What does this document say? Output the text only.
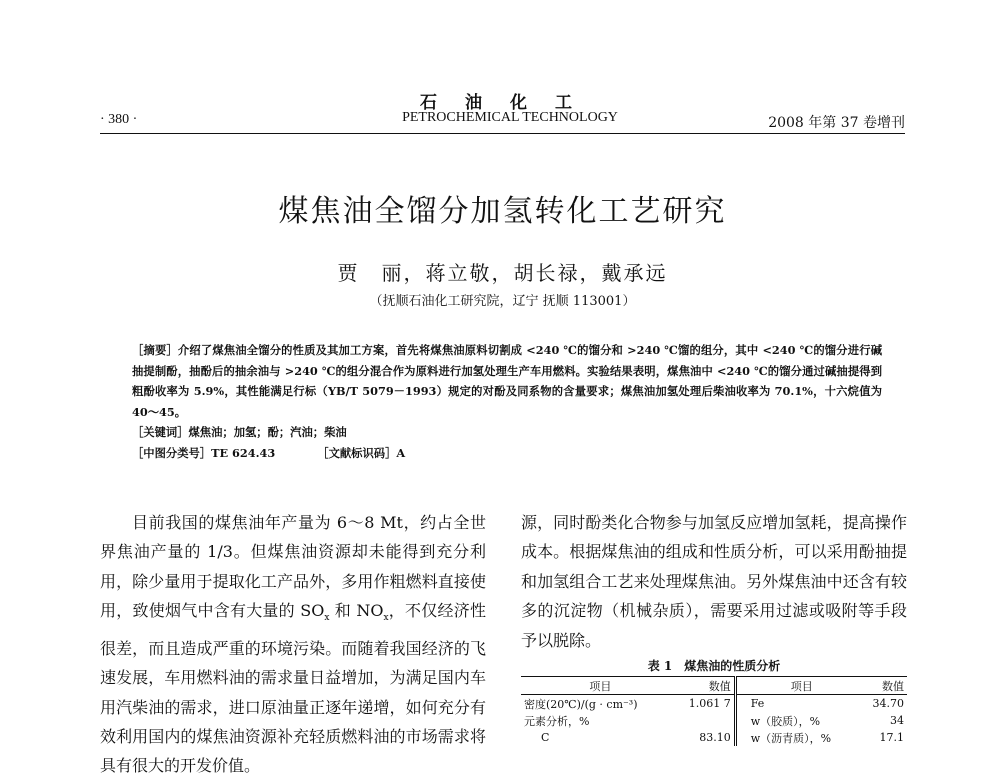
石油化工
· 380 ·	PETROCHEMICAL TECHNOLOGY	2008 年第 37 卷增刊
煤焦油全馏分加氢转化工艺研究
贾　丽，蒋立敬，胡长禄，戴承远
（抚顺石油化工研究院，辽宁 抚顺 113001）

［摘要］介绍了煤焦油全馏分的性质及其加工方案，首先将煤焦油原料切割成 <240 ℃的馏分和 >240 ℃馏的组分，其中 <240 ℃的馏分进行碱抽提制酚，抽酚后的抽余油与 >240 ℃的组分混合作为原料进行加氢处理生产车用燃料。实验结果表明，煤焦油中 <240 ℃的馏分通过碱抽提得到粗酚收率为 5.9%，其性能满足行标（YB/T 5079－1993）规定的对酚及同系物的含量要求；煤焦油加氢处理后柴油收率为 70.1%，十六烷值为 40～45。

［关键词］煤焦油；加氢；酚；汽油；柴油

［中图分类号］TE 624.43	［文献标识码］A

目前我国的煤焦油年产量为 6～8 Mt，约占全世界焦油产量的 1/3。但煤焦油资源却未能得到充分利用，除少量用于提取化工产品外，多用作粗燃料直接使用，致使烟气中含有大量的 $SO_x$ 和 $NO_x$，不仅经济性很差，而且造成严重的环境污染。而随着我国经济的飞速发展，车用燃料油的需求量日益增加，为满足国内车用汽柴油的需求，进口原油量正逐年递增，如何充分有效利用国内的煤焦油资源补充轻质燃料油的市场需求将具有很大的开发价值。

源，同时酚类化合物参与加氢反应增加氢耗，提高操作成本。根据煤焦油的组成和性质分析，可以采用酚抽提和加氢组合工艺来处理煤焦油。另外煤焦油中还含有较多的沉淀物（机械杂质），需要采用过滤或吸附等手段予以脱除。

表 1　煤焦油的性质分析
项目	数值	项目	数值
密度(20℃)/(g · cm⁻³)	1.061 7	Fe	34.70
元素分析，%		w（胶质），%	34
C	83.10	w（沥青质），%	17.1
